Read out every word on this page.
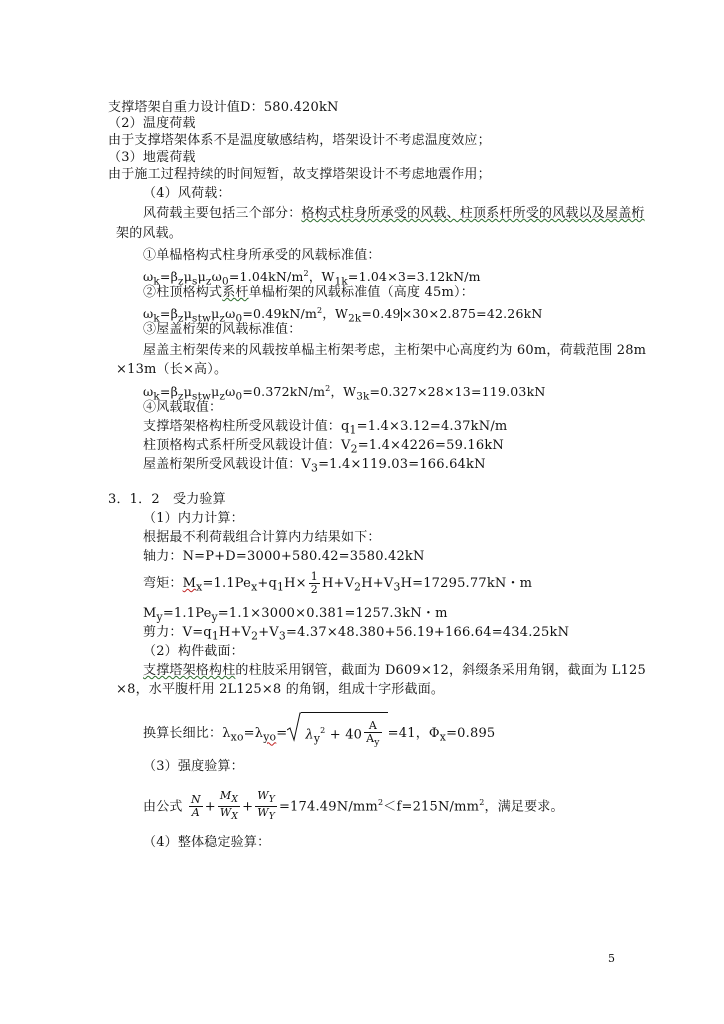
支撑塔架自重力设计值D：580.420kN
（2）温度荷载
由于支撑塔架体系不是温度敏感结构，塔架设计不考虑温度效应；
（3）地震荷载
由于施工过程持续的时间短暂，故支撑塔架设计不考虑地震作用；
（4）风荷载：
风荷载主要包括三个部分：格构式柱身所承受的风载、柱顶系杆所受的风载以及屋盖桁
架的风载。
①单榀格构式柱身所承受的风载标准值：
$\omega_k=\beta_z\mu_s\mu_z\omega_0=1.04kN/m^2$，$W_{1k}=1.04\times 3=3.12kN/m$
②柱顶格构式系杆单榀桁架的风载标准值（高度 45m）：
$\omega_k=\beta_z\mu_{stw}\mu_z\omega_0=0.49kN/m^2$，$W_{2k}=0.49\times 30\times 2.875=42.26kN$
③屋盖桁架的风载标准值：
屋盖主桁架传来的风载按单榀主桁架考虑，主桁架中心高度约为 60m，荷载范围 28m
×13m（长×高）。
$\omega_k=\beta_z\mu_{stw}\mu_z\omega_0=0.372kN/m^2$，$W_{3k}=0.327\times 28\times 13=119.03kN$
④风载取值：
支撑塔架格构柱所受风载设计值：$q_1=1.4\times 3.12=4.37kN/m$
柱顶格构式系杆所受风载设计值：$V_2=1.4\times 4226=59.16kN$
屋盖桁架所受风载设计值：$V_3=1.4\times 119.03=166.64kN$
3．1．2　受力验算
（1）内力计算：
根据最不利荷载组合计算内力结果如下：
轴力：N=P+D=3000+580.42=3580.42kN
弯矩：$M_x=1.1Pe_x+q_1H\times \frac{1}{2} H+V_2H+V_3H=17295.77kN$・m
$M_y=1.1Pe_y=1.1\times 3000\times 0.381=1257.3kN$・m
剪力：$V=q_1H+V_2+V_3=4.37\times 48.380+56.19+166.64=434.25kN$
（2）构件截面：
支撑塔架格构柱的柱肢采用钢管，截面为 D609×12，斜缀条采用角钢，截面为 L125
×8，水平腹杆用 2L125×8 的角钢，组成十字形截面。
换算长细比：$\lambda_{xo}=\lambda_{yo}= \lambda_y^2 + 40 \frac{A}{A_y} =41$，$\Phi_x=0.895$
（3）强度验算：
由公式 $\frac{N}{A} + \frac{M_X}{W_X} + \frac{W_Y}{W_Y} =174.49N/mm^2<f=215N/mm^2$，满足要求。
（4）整体稳定验算：
5
